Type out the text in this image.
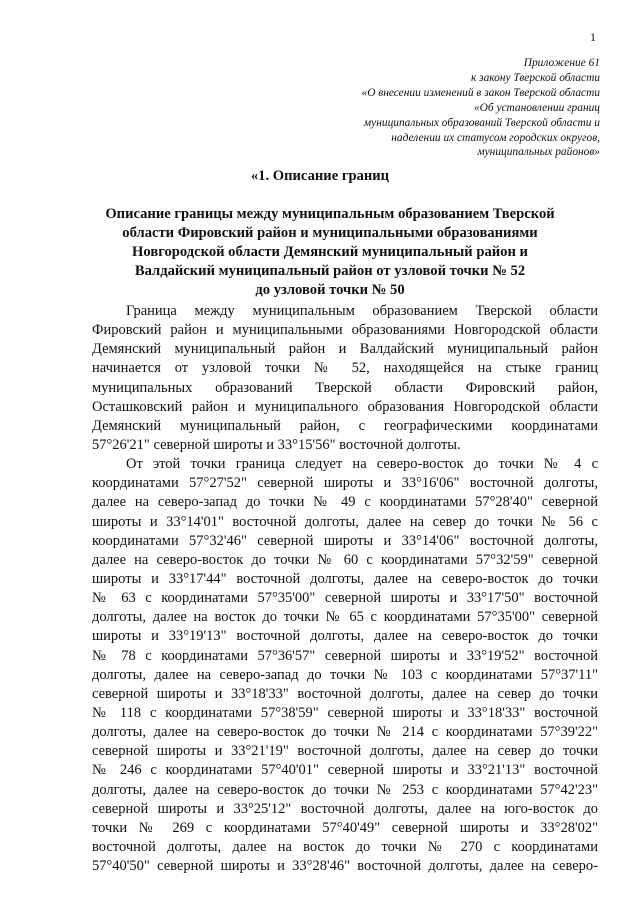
1
Приложение 61
к закону Тверской области
«О внесении изменений в закон Тверской области
«Об установлении границ
муниципальных образований Тверской области и
наделении их статусом городских округов,
муниципальных районов»
«1. Описание границ
Описание границы между муниципальным образованием Тверской
области Фировский район и муниципальными образованиями
Новгородской области Демянский муниципальный район и
Валдайский муниципальный район от узловой точки № 52
до узловой точки № 50

Граница между муниципальным образованием Тверской области
Фировский район и муниципальными образованиями Новгородской области
Демянский муниципальный район и Валдайский муниципальный район
начинается от узловой точки № 52, находящейся на стыке границ
муниципальных образований Тверской области Фировский район,
Осташковский район и муниципального образования Новгородской области
Демянский муниципальный район, с географическими координатами
57°26'21" северной широты и 33°15'56" восточной долготы.

От этой точки граница следует на северо-восток до точки № 4 с
координатами 57°27'52" северной широты и 33°16'06" восточной долготы,
далее на северо-запад до точки № 49 с координатами 57°28'40" северной
широты и 33°14'01" восточной долготы, далее на север до точки № 56 с
координатами 57°32'46" северной широты и 33°14'06" восточной долготы,
далее на северо-восток до точки № 60 с координатами 57°32'59" северной
широты и 33°17'44" восточной долготы, далее на северо-восток до точки
№ 63 с координатами 57°35'00" северной широты и 33°17'50" восточной
долготы, далее на восток до точки № 65 с координатами 57°35'00" северной
широты и 33°19'13" восточной долготы, далее на северо-восток до точки
№ 78 с координатами 57°36'57" северной широты и 33°19'52" восточной
долготы, далее на северо-запад до точки № 103 с координатами 57°37'11"
северной широты и 33°18'33" восточной долготы, далее на север до точки
№ 118 с координатами 57°38'59" северной широты и 33°18'33" восточной
долготы, далее на северо-восток до точки № 214 с координатами 57°39'22"
северной широты и 33°21'19" восточной долготы, далее на север до точки
№ 246 с координатами 57°40'01" северной широты и 33°21'13" восточной
долготы, далее на северо-восток до точки № 253 с координатами 57°42'23"
северной широты и 33°25'12" восточной долготы, далее на юго-восток до
точки № 269 с координатами 57°40'49" северной широты и 33°28'02"
восточной долготы, далее на восток до точки № 270 с координатами
57°40'50" северной широты и 33°28'46" восточной долготы, далее на северо-
